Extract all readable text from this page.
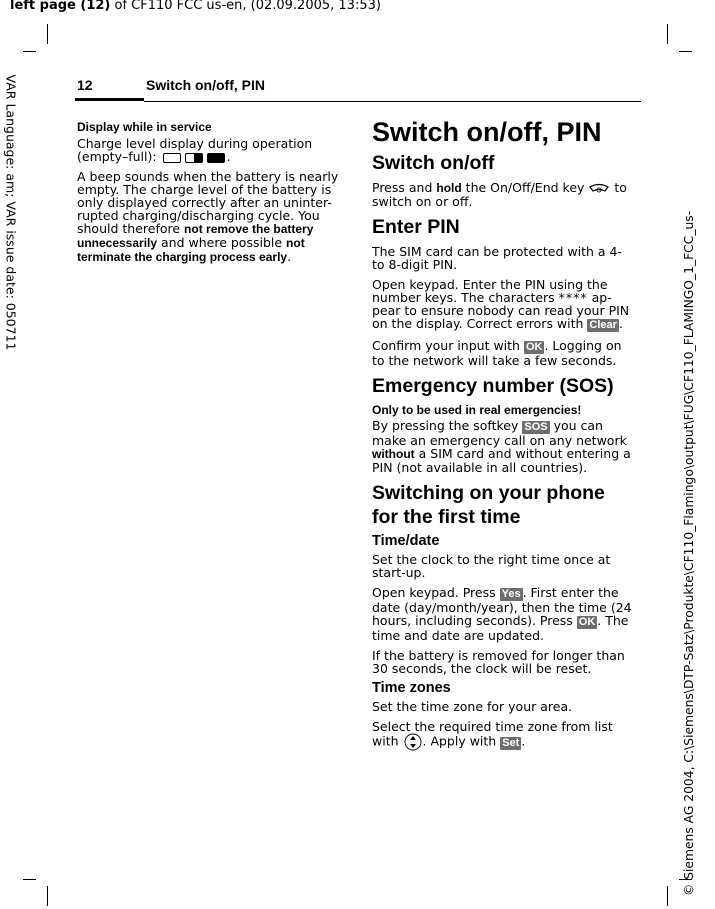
left page (12) of CF110 FCC us-en, (02.09.2005, 13:53)
VAR Language: am; VAR issue date: 050711	© Siemens AG 2004, C:\Siemens\DTP-Satz\Produkte\CF110_Flamingo\output\FUG\CF110_FLAMINGO_1_FCC_us-
12	Switch on/off, PIN
Display while in service

Charge level display during operation (empty–full):	.

A beep sounds when the battery is nearly empty. The charge level of the battery is only displayed correctly after an uninter-rupted charging/discharging cycle. You should therefore not remove the battery unnecessarily and where possible not terminate the charging process early.

Switch on/off, PIN
Switch on/off

Press and hold the On/Off/End key  to switch on or off.

Enter PIN

The SIM card can be protected with a 4- to 8-digit PIN.

Open keypad. Enter the PIN using the number keys. The characters **** ap-pear to ensure nobody can read your PIN on the display. Correct errors with Clear .

Confirm your input with OK . Logging on to the network will take a few seconds.

Emergency number (SOS)
Only to be used in real emergencies!

By pressing the softkey SOS you can make an emergency call on any network without a SIM card and without entering a PIN (not available in all countries).

Switching on your phone for the first time
Time/date

Set the clock to the right time once at start-up.

Open keypad. Press Yes . First enter the date (day/month/year), then the time (24 hours, including seconds). Press OK . The time and date are updated.

If the battery is removed for longer than 30 seconds, the clock will be reset.

Time zones

Set the time zone for your area.

Select the required time zone from list with . Apply with Set .
